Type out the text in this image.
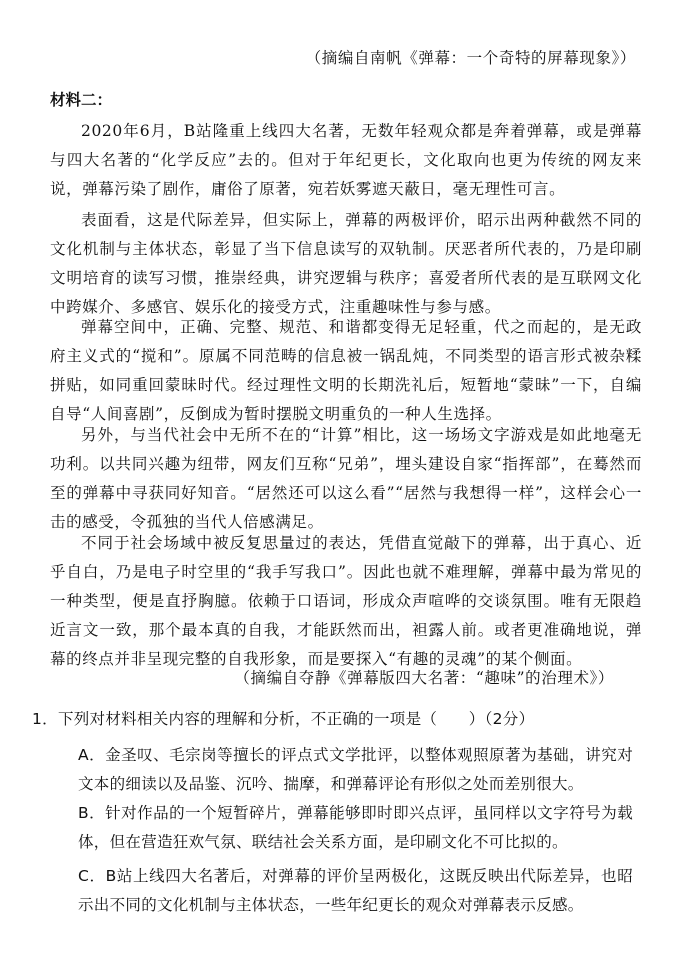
（摘编自南帆《弹幕：一个奇特的屏幕现象》）
材料二：

2020年6月，B站隆重上线四大名著，无数年轻观众都是奔着弹幕，或是弹幕与四大名著的“化学反应”去的。但对于年纪更长，文化取向也更为传统的网友来说，弹幕污染了剧作，庸俗了原著，宛若妖雾遮天蔽日，毫无理性可言。

表面看，这是代际差异，但实际上，弹幕的两极评价，昭示出两种截然不同的文化机制与主体状态，彰显了当下信息读写的双轨制。厌恶者所代表的，乃是印刷文明培育的读写习惯，推崇经典，讲究逻辑与秩序；喜爱者所代表的是互联网文化中跨媒介、多感官、娱乐化的接受方式，注重趣味性与参与感。

弹幕空间中，正确、完整、规范、和谐都变得无足轻重，代之而起的，是无政府主义式的“搅和”。原属不同范畴的信息被一锅乱炖，不同类型的语言形式被杂糅拼贴，如同重回蒙昧时代。经过理性文明的长期洗礼后，短暂地“蒙昧”一下，自编自导“人间喜剧”，反倒成为暂时摆脱文明重负的一种人生选择。

另外，与当代社会中无所不在的“计算”相比，这一场场文字游戏是如此地毫无功利。以共同兴趣为纽带，网友们互称“兄弟”，埋头建设自家“指挥部”，在蓦然而至的弹幕中寻获同好知音。“居然还可以这么看”“居然与我想得一样”，这样会心一击的感受，令孤独的当代人倍感满足。

不同于社会场域中被反复思量过的表达，凭借直觉敲下的弹幕，出于真心、近乎自白，乃是电子时空里的“我手写我口”。因此也就不难理解，弹幕中最为常见的一种类型，便是直抒胸臆。依赖于口语词，形成众声喧哗的交谈氛围。唯有无限趋近言文一致，那个最本真的自我，才能跃然而出，袒露人前。或者更准确地说，弹幕的终点并非呈现完整的自我形象，而是要探入“有趣的灵魂”的某个侧面。

（摘编自夺静《弹幕版四大名著：“趣味”的治理术》）

1．下列对材料相关内容的理解和分析，不正确的一项是（　　）（2分）

A．金圣叹、毛宗岗等擅长的评点式文学批评，以整体观照原著为基础，讲究对文本的细读以及品鉴、沉吟、揣摩，和弹幕评论有形似之处而差别很大。

B．针对作品的一个短暂碎片，弹幕能够即时即兴点评，虽同样以文字符号为载体，但在营造狂欢气氛、联结社会关系方面，是印刷文化不可比拟的。

C．B站上线四大名著后，对弹幕的评价呈两极化，这既反映出代际差异，也昭示出不同的文化机制与主体状态，一些年纪更长的观众对弹幕表示反感。
